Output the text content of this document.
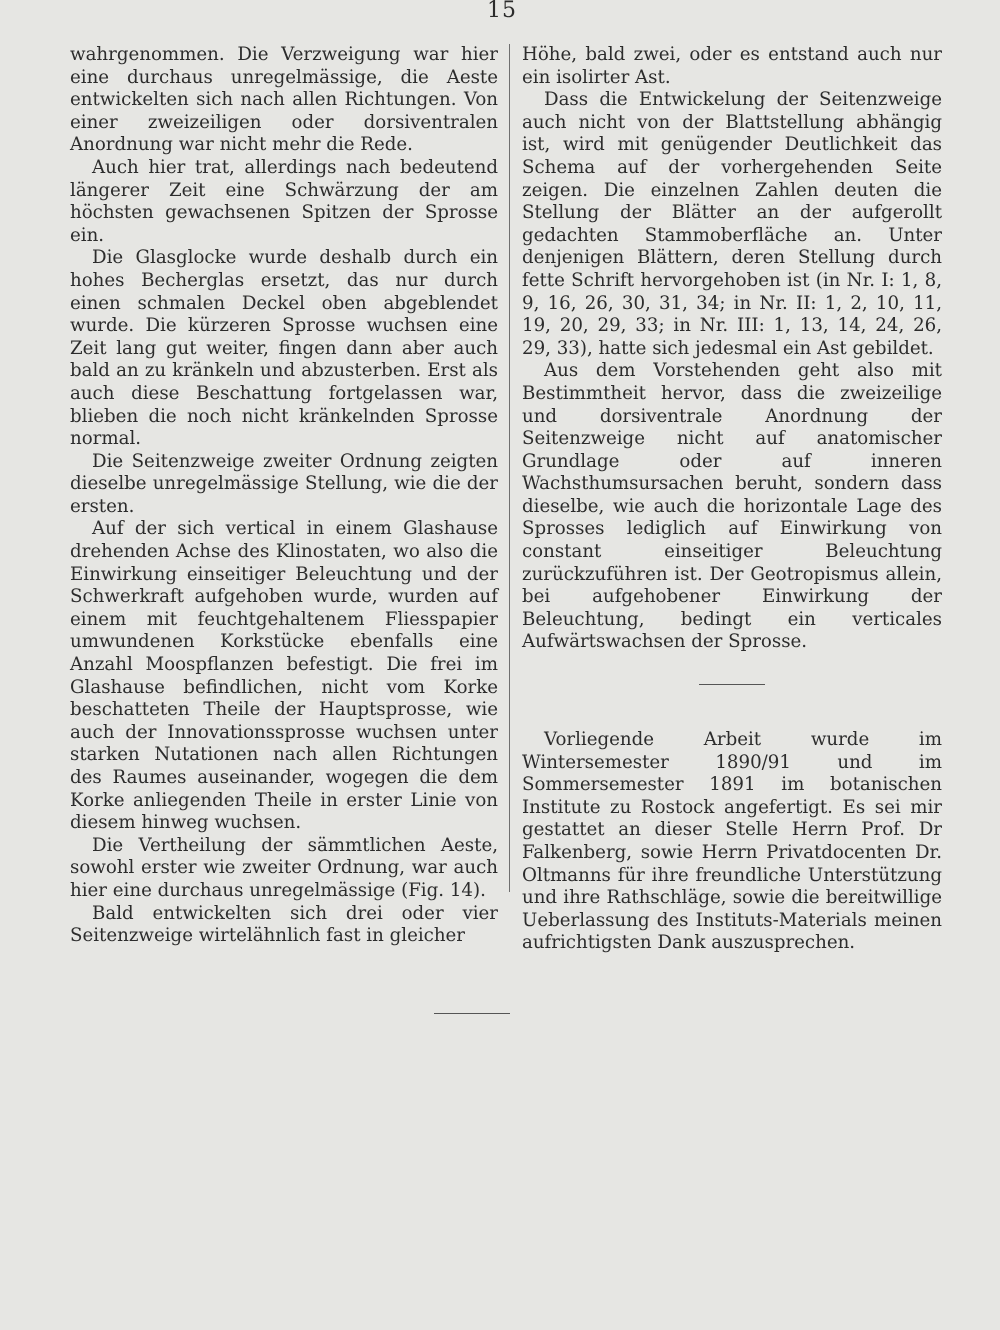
15

wahrgenommen. Die Verzweigung war hier eine durchaus unregelmässige, die Aeste entwickelten sich nach allen Richtungen. Von einer zweizeiligen oder dorsiventralen Anordnung war nicht mehr die Rede.

Auch hier trat, allerdings nach bedeutend längerer Zeit eine Schwärzung der am höchsten gewachsenen Spitzen der Sprosse ein.

Die Glasglocke wurde deshalb durch ein hohes Becherglas ersetzt, das nur durch einen schmalen Deckel oben abgeblendet wurde. Die kürzeren Sprosse wuchsen eine Zeit lang gut weiter, fingen dann aber auch bald an zu kränkeln und abzusterben. Erst als auch diese Beschattung fortgelassen war, blieben die noch nicht kränkelnden Sprosse normal.

Die Seitenzweige zweiter Ordnung zeigten dieselbe unregelmässige Stellung, wie die der ersten.

Auf der sich vertical in einem Glashause drehenden Achse des Klinostaten, wo also die Einwirkung einseitiger Beleuchtung und der Schwerkraft aufgehoben wurde, wurden auf einem mit feuchtgehaltenem Fliesspapier umwundenen Korkstücke ebenfalls eine Anzahl Moospflanzen befestigt. Die frei im Glashause befindlichen, nicht vom Korke beschatteten Theile der Hauptsprosse, wie auch der Innovationssprosse wuchsen unter starken Nutationen nach allen Richtungen des Raumes auseinander, wogegen die dem Korke anliegenden Theile in erster Linie von diesem hinweg wuchsen.

Die Vertheilung der sämmtlichen Aeste, sowohl erster wie zweiter Ordnung, war auch hier eine durchaus unregelmässige (Fig. 14).

Bald entwickelten sich drei oder vier Seitenzweige wirtelähnlich fast in gleicher

Höhe, bald zwei, oder es entstand auch nur ein isolirter Ast.

Dass die Entwickelung der Seitenzweige auch nicht von der Blattstellung abhängig ist, wird mit genügender Deutlichkeit das Schema auf der vorhergehenden Seite zeigen. Die einzelnen Zahlen deuten die Stellung der Blätter an der aufgerollt gedachten Stammoberfläche an. Unter denjenigen Blättern, deren Stellung durch fette Schrift hervorgehoben ist (in Nr. I: 1, 8, 9, 16, 26, 30, 31, 34; in Nr. II: 1, 2, 10, 11, 19, 20, 29, 33; in Nr. III: 1, 13, 14, 24, 26, 29, 33), hatte sich jedesmal ein Ast gebildet.

Aus dem Vorstehenden geht also mit Bestimmtheit hervor, dass die zweizeilige und dorsiventrale Anordnung der Seitenzweige nicht auf anatomischer Grundlage oder auf inneren Wachsthumsursachen beruht, sondern dass dieselbe, wie auch die horizontale Lage des Sprosses lediglich auf Einwirkung von constant einseitiger Beleuchtung zurückzuführen ist. Der Geotropismus allein, bei aufgehobener Einwirkung der Beleuchtung, bedingt ein verticales Aufwärtswachsen der Sprosse.

Vorliegende Arbeit wurde im Wintersemester 1890/91 und im Sommersemester 1891 im botanischen Institute zu Rostock angefertigt. Es sei mir gestattet an dieser Stelle Herrn Prof. Dr Falkenberg, sowie Herrn Privatdocenten Dr. Oltmanns für ihre freundliche Unterstützung und ihre Rathschläge, sowie die bereitwillige Ueberlassung des Instituts-Materials meinen aufrichtigsten Dank auszusprechen.
